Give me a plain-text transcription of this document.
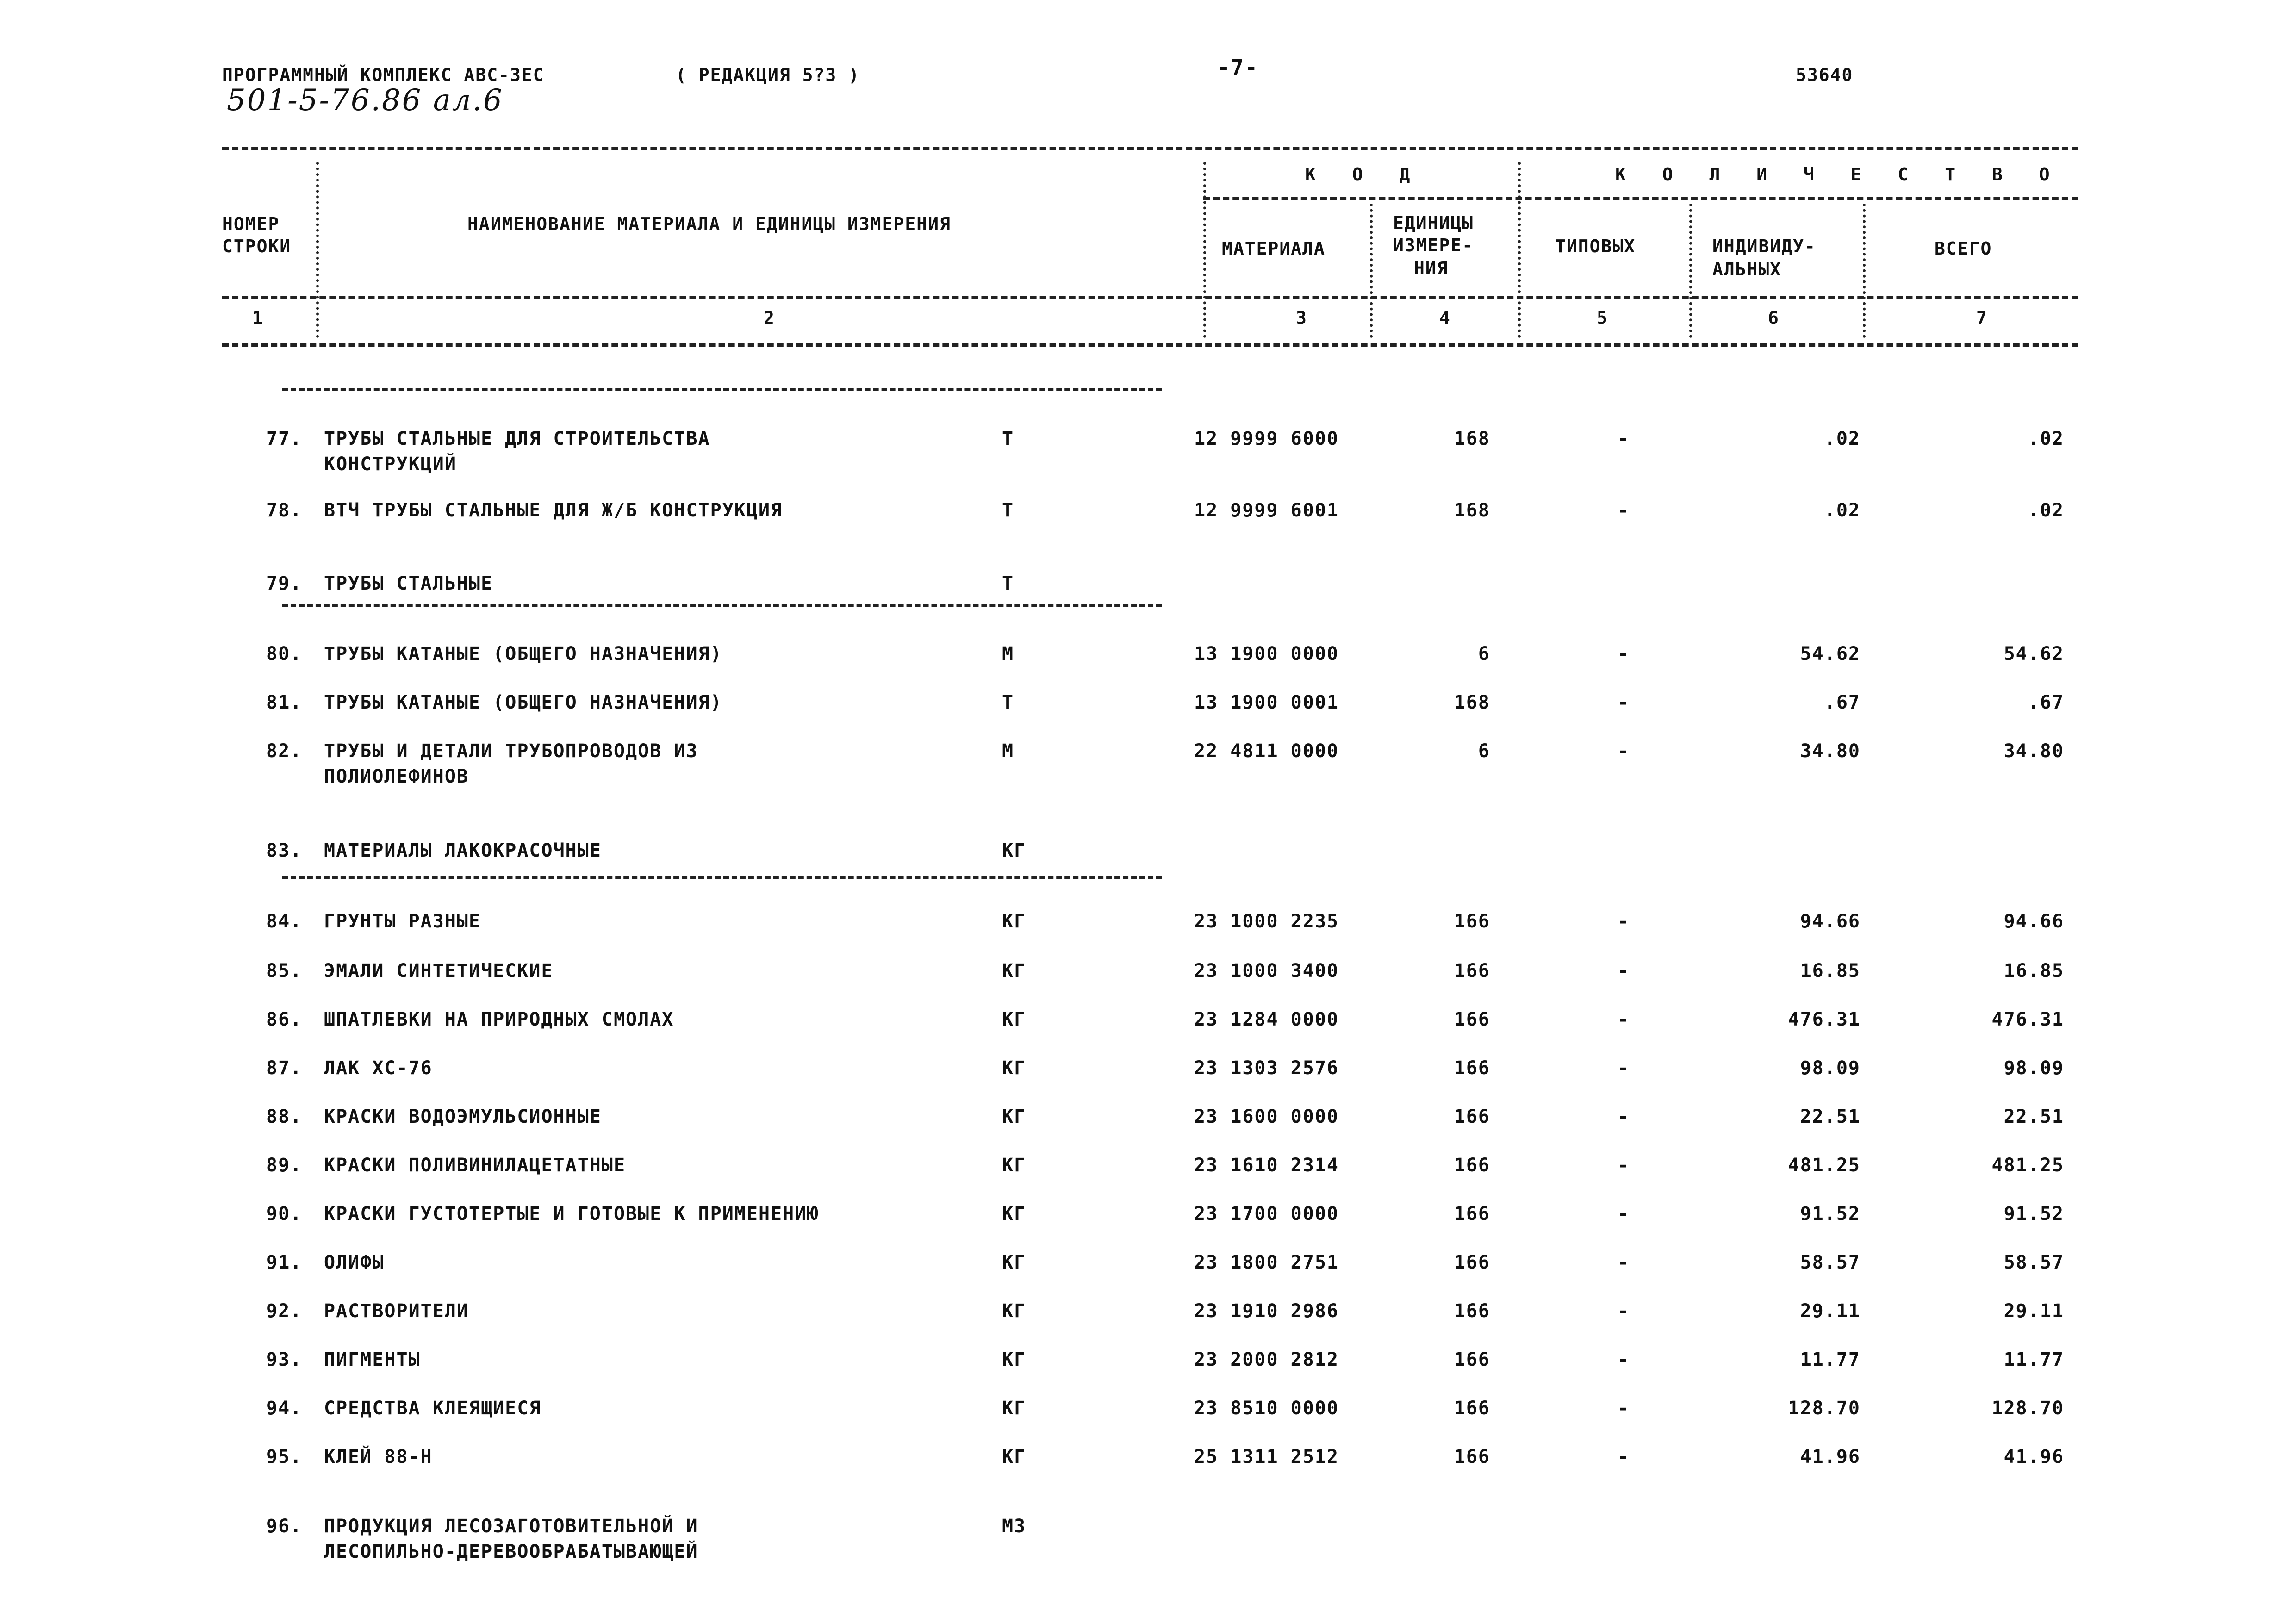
ПРОГРАММНЫЙ КОМПЛЕКС АВС-3ЕС	( РЕДАКЦИЯ 5?3 )	-7-	53640
501-5-76.86 ал.6
НОМЕР
СТРОКИ
НАИМЕНОВАНИЕ МАТЕРИАЛА И ЕДИНИЦЫ ИЗМЕРЕНИЯ
К О Д
МАТЕРИАЛА
ЕДИНИЦЫ
ИЗМЕРЕ-
НИЯ
К О Л И Ч Е С Т В О
ТИПОВЫХ	ИНДИВИДУ-
АЛЬНЫХ
ВСЕГО
1	2	3	4	5	6	7
77. ТРУБЫ СТАЛЬНЫЕ ДЛЯ СТРОИТЕЛЬСТВА	Т	12 9999 6000	168	-	.02	.02
КОНСТРУКЦИЙ
78. ВТЧ ТРУБЫ СТАЛЬНЫЕ ДЛЯ Ж/Б КОНСТРУКЦИЯ	Т	12 9999 6001	168	-	.02	.02
79. ТРУБЫ СТАЛЬНЫЕ	Т
80. ТРУБЫ КАТАНЫЕ (ОБЩЕГО НАЗНАЧЕНИЯ)	М	13 1900 0000	6	-	54.62	54.62
81. ТРУБЫ КАТАНЫЕ (ОБЩЕГО НАЗНАЧЕНИЯ)	Т	13 1900 0001	168	-	.67	.67
82. ТРУБЫ И ДЕТАЛИ ТРУБОПРОВОДОВ ИЗ	М	22 4811 0000	6	-	34.80	34.80
ПОЛИОЛЕФИНОВ
83. МАТЕРИАЛЫ ЛАКОКРАСОЧНЫЕ	КГ
84. ГРУНТЫ РАЗНЫЕ	КГ	23 1000 2235	166	-	94.66	94.66
85. ЭМАЛИ СИНТЕТИЧЕСКИЕ	КГ	23 1000 3400	166	-	16.85	16.85
86. ШПАТЛЕВКИ НА ПРИРОДНЫХ СМОЛАХ	КГ	23 1284 0000	166	-	476.31	476.31
87. ЛАК ХС-76	КГ	23 1303 2576	166	-	98.09	98.09
88. КРАСКИ ВОДОЭМУЛЬСИОННЫЕ	КГ	23 1600 0000	166	-	22.51	22.51
89. КРАСКИ ПОЛИВИНИЛАЦЕТАТНЫЕ	КГ	23 1610 2314	166	-	481.25	481.25
90. КРАСКИ ГУСТОТЕРТЫЕ И ГОТОВЫЕ К ПРИМЕНЕНИЮ	КГ	23 1700 0000	166	-	91.52	91.52
91. ОЛИФЫ	КГ	23 1800 2751	166	-	58.57	58.57
92. РАСТВОРИТЕЛИ	КГ	23 1910 2986	166	-	29.11	29.11
93. ПИГМЕНТЫ	КГ	23 2000 2812	166	-	11.77	11.77
94. СРЕДСТВА КЛЕЯЩИЕСЯ	КГ	23 8510 0000	166	-	128.70	128.70
95. КЛЕЙ 88-Н	КГ	25 1311 2512	166	-	41.96	41.96
96. ПРОДУКЦИЯ ЛЕСОЗАГОТОВИТЕЛЬНОЙ И	М3
ЛЕСОПИЛЬНО-ДЕРЕВООБРАБАТЫВАЮЩЕЙ
